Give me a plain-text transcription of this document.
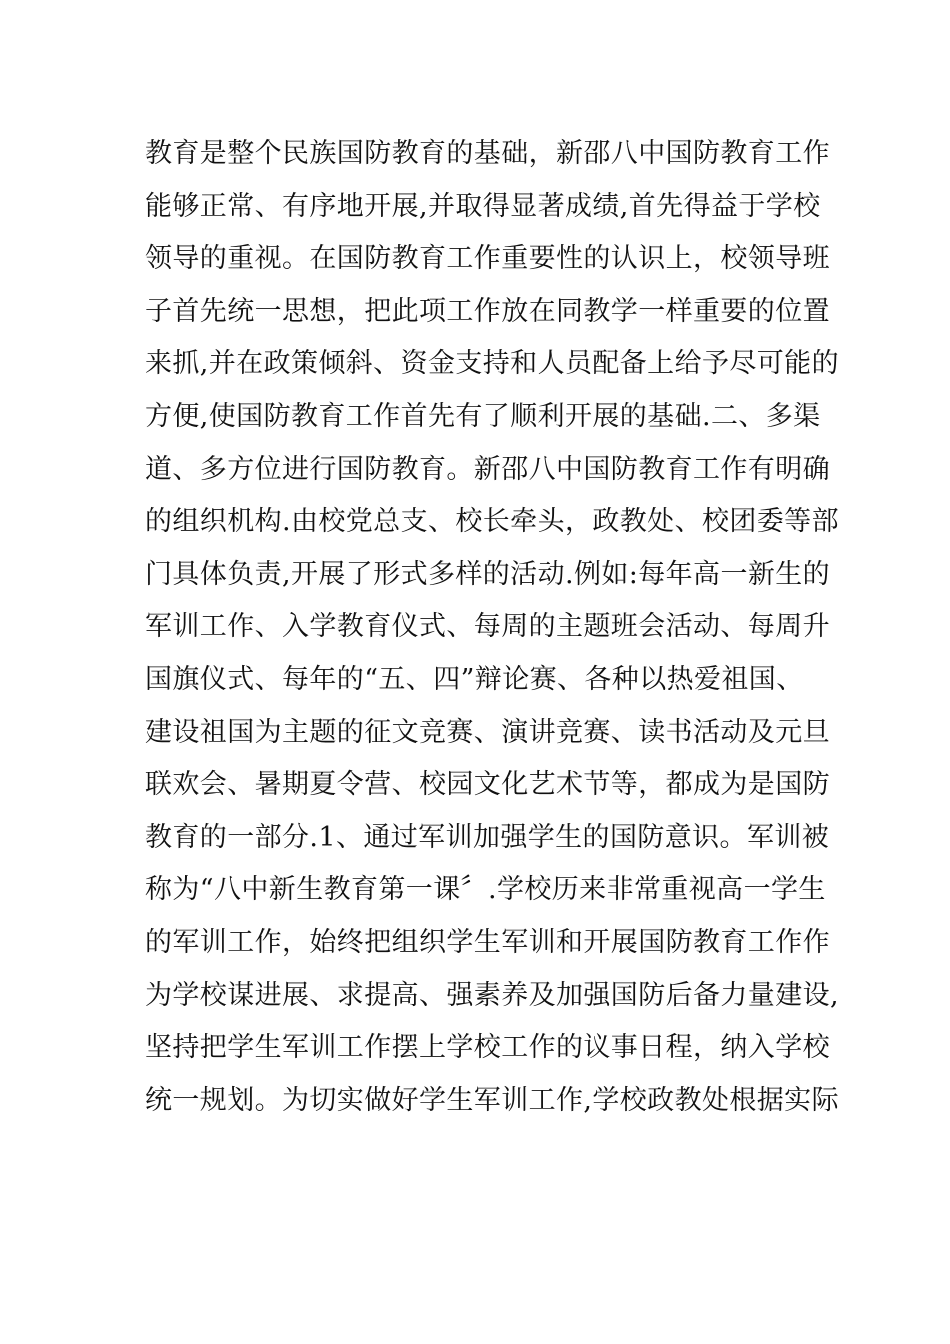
教育是整个民族国防教育的基础，新邵八中国防教育工作
能够正常、有序地开展,并取得显著成绩,首先得益于学校
领导的重视。在国防教育工作重要性的认识上，校领导班
子首先统一思想，把此项工作放在同教学一样重要的位置
来抓,并在政策倾斜、资金支持和人员配备上给予尽可能的
方便,使国防教育工作首先有了顺利开展的基础.二、多渠
道、多方位进行国防教育。新邵八中国防教育工作有明确
的组织机构.由校党总支、校长牵头，政教处、校团委等部
门具体负责,开展了形式多样的活动.例如:每年高一新生的
军训工作、入学教育仪式、每周的主题班会活动、每周升
国旗仪式、每年的“五、四”辩论赛、各种以热爱祖国、
建设祖国为主题的征文竞赛、演讲竞赛、读书活动及元旦
联欢会、暑期夏令营、校园文化艺术节等，都成为是国防
教育的一部分.1、通过军训加强学生的国防意识。军训被
称为“八中新生教育第一课〞.学校历来非常重视高一学生
的军训工作，始终把组织学生军训和开展国防教育工作作
为学校谋进展、求提高、强素养及加强国防后备力量建设,
坚持把学生军训工作摆上学校工作的议事日程，纳入学校
统一规划。为切实做好学生军训工作,学校政教处根据实际
